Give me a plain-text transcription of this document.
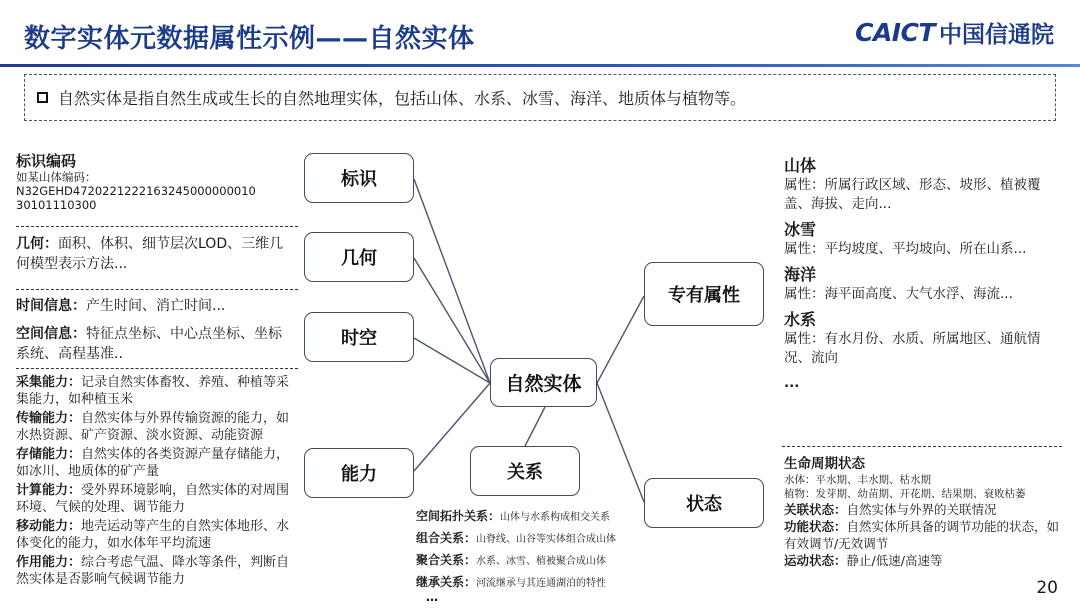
数字实体元数据属性示例——自然实体	CAICT 中国信通院
自然实体是指自然生成或生长的自然地理实体，包括山体、水系、冰雪、海洋、地质体与植物等。
自然实体
标识
几何
时空
能力	关系
专有属性
状态
标识编码
如某山体编码：
N32GEHD472022122216324500000001​0
30101110300
几何：面积、体积、细节层次LOD、三维几何模型表示方法...
时间信息：产生时间、消亡时间...
空间信息：特征点坐标、中心点坐标、坐标系统、高程基准..
采集能力：记录自然实体畜牧、养殖、种植等采集能力，如种植玉米
传输能力：自然实体与外界传输资源的能力，如水热资源、矿产资源、淡水资源、动能资源
存储能力：自然实体的各类资源产量存储能力，如冰川、地质体的矿产量
计算能力：受外界环境影响，自然实体的对周围环境、气候的处理、调节能力
移动能力：地壳运动等产生的自然实体地形、水体变化的能力，如水体年平均流速
作用能力：综合考虑气温、降水等条件，判断自然实体是否影响气候调节能力
空间拓扑关系：山体与水系构成相交关系
组合关系：山脊线、山谷等实体组合成山体
聚合关系：水系、冰雪、植被聚合成山体
继承关系：河流继承与其连通湖泊的特性
…
山体
属性：所属行政区域、形态、坡形、植被覆盖、海拔、走向...
冰雪
属性：平均坡度、平均坡向、所在山系...
海洋
属性：海平面高度、大气水浮、海流...
水系
属性：有水月份、水质、所属地区、通航情况、流向
...
生命周期状态
水体：平水期、丰水期、枯水期
植物：发芽期、幼苗期、开花期、结果期、衰败枯萎
关联状态：自然实体与外界的关联情况
功能状态：自然实体所具备的调节功能的状态，如有效调节/无效调节
运动状态：静止/低速/高速等
20
